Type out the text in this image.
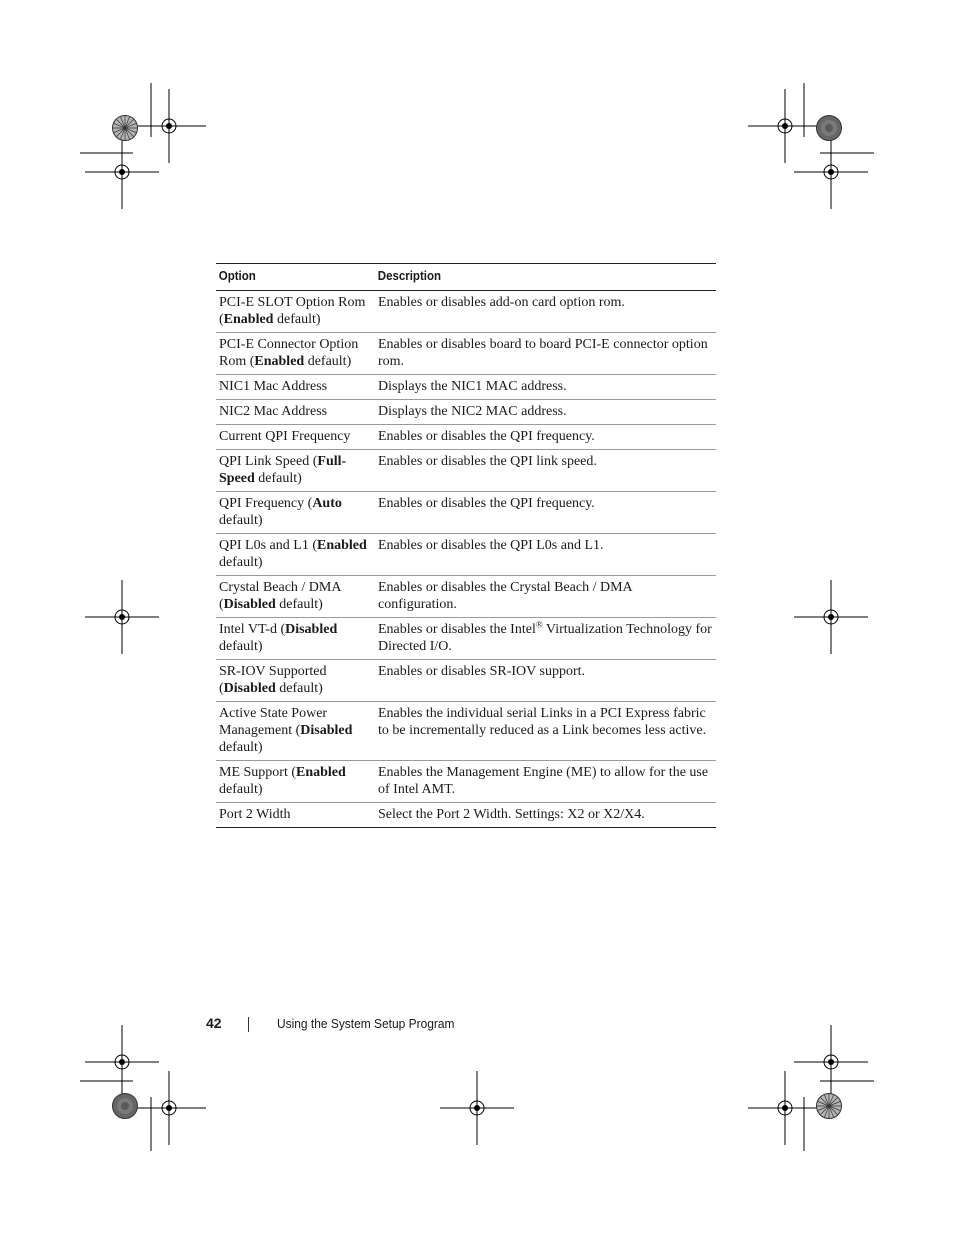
Option	Description
PCI-E SLOT Option Rom (Enabled default)	Enables or disables add-on card option rom.
PCI-E Connector Option Rom (Enabled default)	Enables or disables board to board PCI-E connector option rom.
NIC1 Mac Address	Displays the NIC1 MAC address.
NIC2 Mac Address	Displays the NIC2 MAC address.
Current QPI Frequency	Enables or disables the QPI frequency.
QPI Link Speed (Full-Speed default)	Enables or disables the QPI link speed.
QPI Frequency (Auto default)	Enables or disables the QPI frequency.
QPI L0s and L1 (Enabled default)	Enables or disables the QPI L0s and L1.
Crystal Beach / DMA (Disabled default)	Enables or disables the Crystal Beach / DMA configuration.
Intel VT-d (Disabled default)	Enables or disables the Intel® Virtualization Technology for Directed I/O.
SR-IOV Supported (Disabled default)	Enables or disables SR-IOV support.
Active State Power Management (Disabled default)	Enables the individual serial Links in a PCI Express fabric to be incrementally reduced as a Link becomes less active.
ME Support (Enabled default)	Enables the Management Engine (ME) to allow for the use of Intel AMT.
Port 2 Width	Select the Port 2 Width. Settings: X2 or X2/X4.
42	Using the System Setup Program
